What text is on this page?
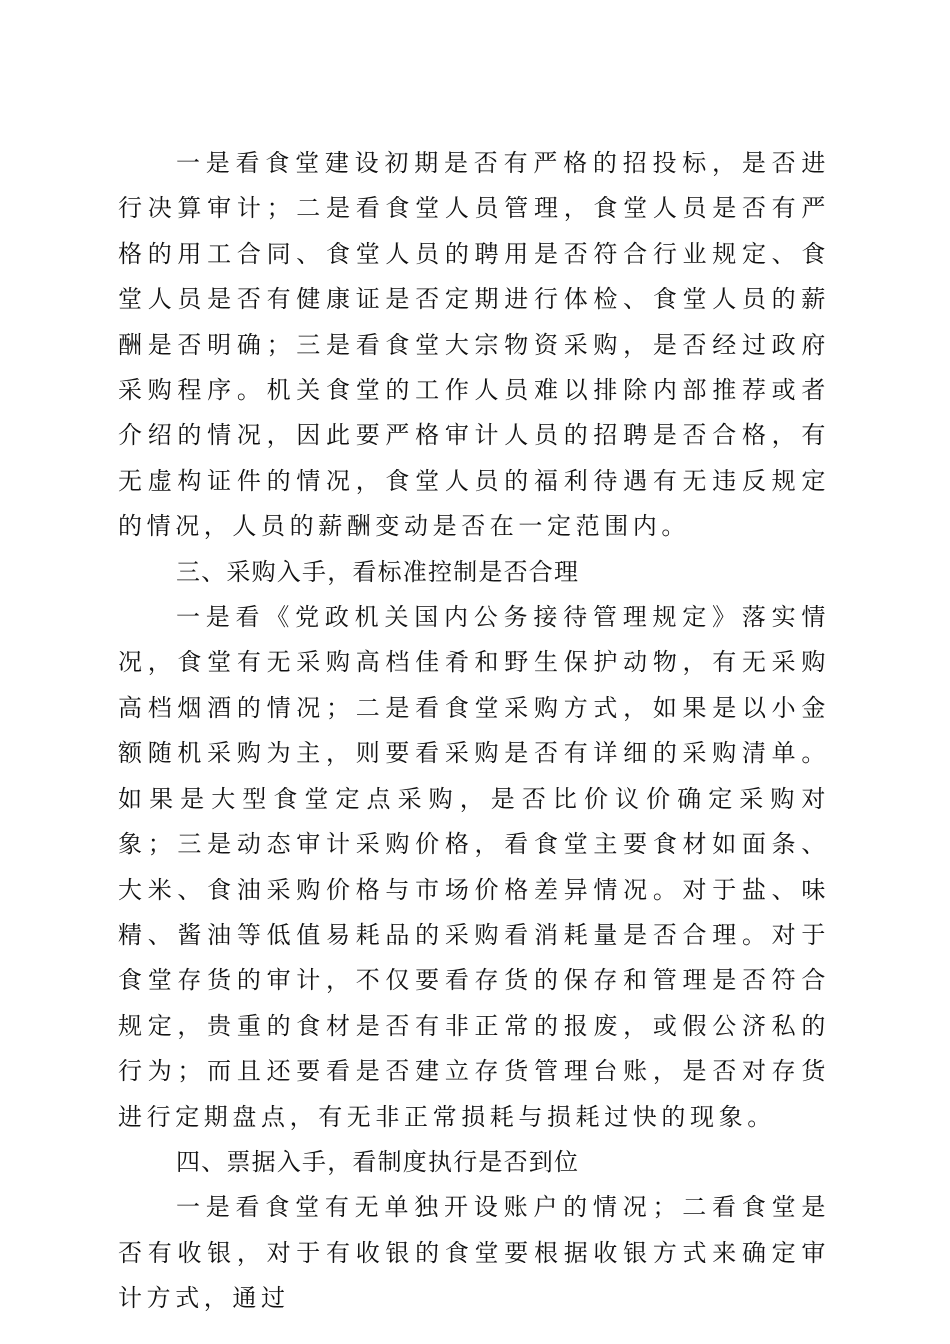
一是看食堂建设初期是否有严格的招投标，是否进行决算审计；二是看食堂人员管理，食堂人员是否有严格的用工合同、食堂人员的聘用是否符合行业规定、食堂人员是否有健康证是否定期进行体检、食堂人员的薪酬是否明确；三是看食堂大宗物资采购，是否经过政府采购程序。机关食堂的工作人员难以排除内部推荐或者介绍的情况，因此要严格审计人员的招聘是否合格，有无虚构证件的情况，食堂人员的福利待遇有无违反规定的情况，人员的薪酬变动是否在一定范围内。

三、采购入手，看标准控制是否合理

一是看《党政机关国内公务接待管理规定》落实情况，食堂有无采购高档佳肴和野生保护动物，有无采购高档烟酒的情况；二是看食堂采购方式，如果是以小金额随机采购为主，则要看采购是否有详细的采购清单。如果是大型食堂定点采购，是否比价议价确定采购对象；三是动态审计采购价格，看食堂主要食材如面条、大米、食油采购价格与市场价格差异情况。对于盐、味精、酱油等低值易耗品的采购看消耗量是否合理。对于食堂存货的审计，不仅要看存货的保存和管理是否符合规定，贵重的食材是否有非正常的报废，或假公济私的行为；而且还要看是否建立存货管理台账，是否对存货进行定期盘点，有无非正常损耗与损耗过快的现象。

四、票据入手，看制度执行是否到位

一是看食堂有无单独开设账户的情况；二看食堂是否有收银，对于有收银的食堂要根据收银方式来确定审计方式，通过
